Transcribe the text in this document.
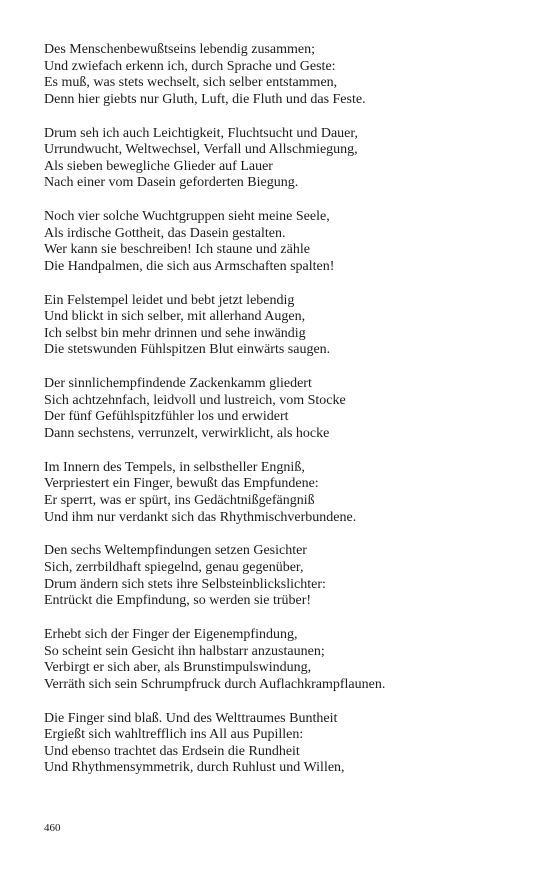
Des Menschenbewußtseins lebendig zusammen;
Und zwiefach erkenn ich, durch Sprache und Geste:
Es muß, was stets wechselt, sich selber entstammen,
Denn hier giebts nur Gluth, Luft, die Fluth und das Feste.
Drum seh ich auch Leichtigkeit, Fluchtsucht und Dauer,
Urrundwucht, Weltwechsel, Verfall und Allschmiegung,
Als sieben bewegliche Glieder auf Lauer
Nach einer vom Dasein geforderten Biegung.
Noch vier solche Wuchtgruppen sieht meine Seele,
Als irdische Gottheit, das Dasein gestalten.
Wer kann sie beschreiben! Ich staune und zähle
Die Handpalmen, die sich aus Armschaften spalten!
Ein Felstempel leidet und bebt jetzt lebendig
Und blickt in sich selber, mit allerhand Augen,
Ich selbst bin mehr drinnen und sehe inwändig
Die stetswunden Fühlspitzen Blut einwärts saugen.
Der sinnlichempfindende Zackenkamm gliedert
Sich achtzehnfach, leidvoll und lustreich, vom Stocke
Der fünf Gefühlspitzfühler los und erwidert
Dann sechstens, verrunzelt, verwirklicht, als hocke
Im Innern des Tempels, in selbstheller Engniß,
Verpriestert ein Finger, bewußt das Empfundene:
Er sperrt, was er spürt, ins Gedächtnißgefängniß
Und ihm nur verdankt sich das Rhythmischverbundene.
Den sechs Weltempfindungen setzen Gesichter
Sich, zerrbildhaft spiegelnd, genau gegenüber,
Drum ändern sich stets ihre Selbsteinblickslichter:
Entrückt die Empfindung, so werden sie trüber!
Erhebt sich der Finger der Eigenempfindung,
So scheint sein Gesicht ihn halbstarr anzustaunen;
Verbirgt er sich aber, als Brunstimpulswindung,
Verräth sich sein Schrumpfruck durch Auflachkrampflaunen.
Die Finger sind blaß. Und des Welttraumes Buntheit
Ergießt sich wahltrefflich ins All aus Pupillen:
Und ebenso trachtet das Erdsein die Rundheit
Und Rhythmensymmetrik, durch Ruhlust und Willen,
460
